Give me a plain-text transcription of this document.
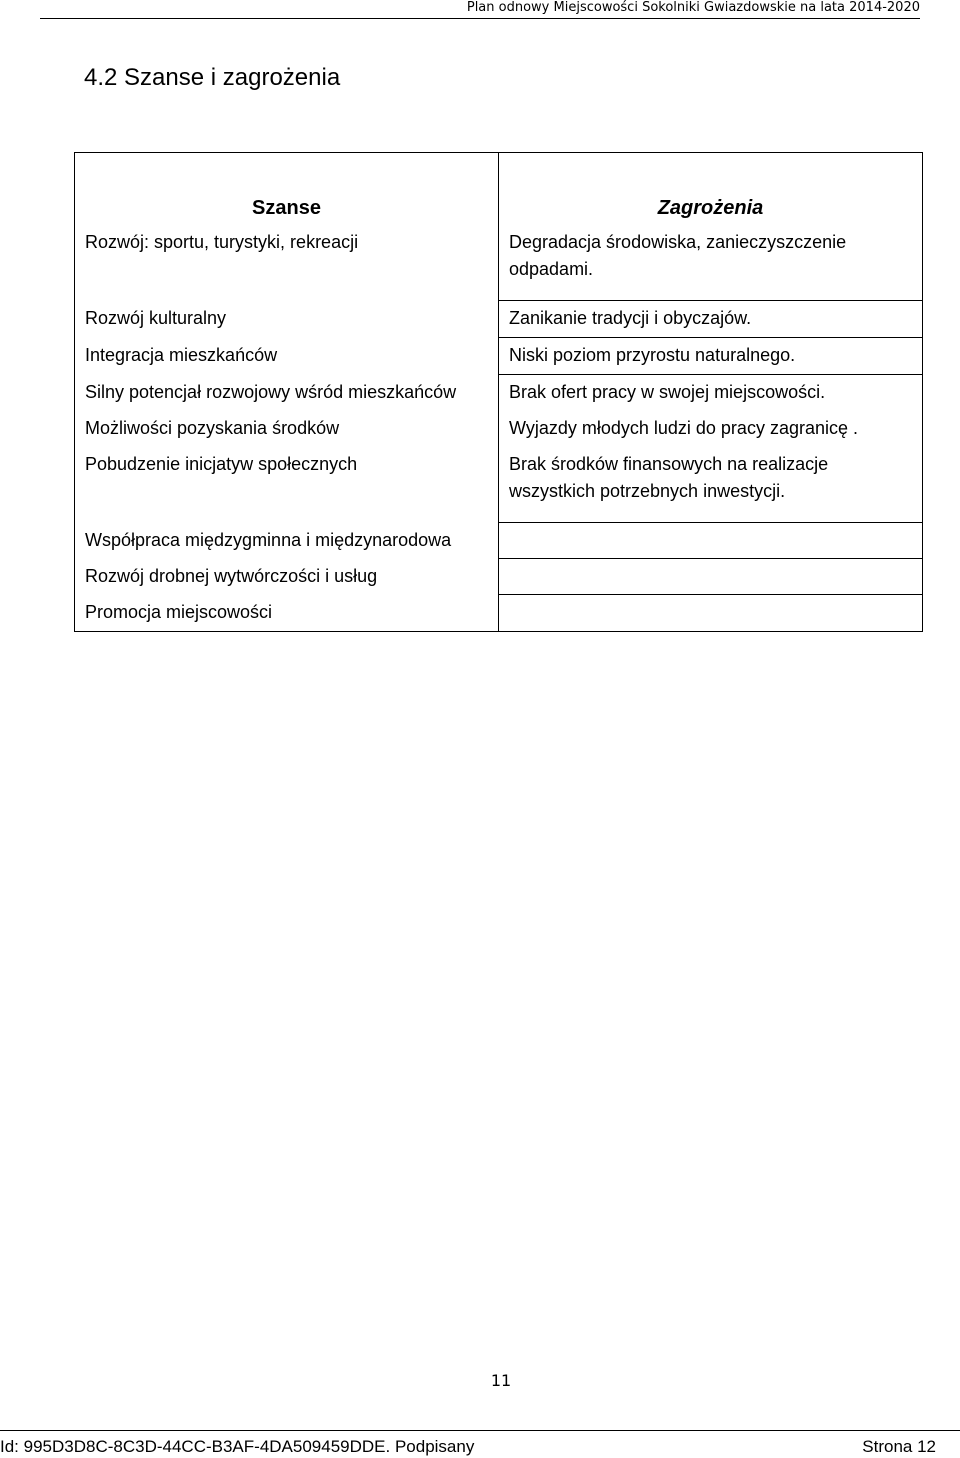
Plan odnowy Miejscowości Sokolniki Gwiazdowskie na lata 2014-2020
4.2 Szanse i zagrożenia
Szanse	Zagrożenia
Rozwój: sportu, turystyki, rekreacji	Degradacja środowiska, zanieczyszczenie odpadami.
Rozwój kulturalny	Zanikanie tradycji i obyczajów.
Integracja mieszkańców	Niski poziom przyrostu naturalnego.
Silny potencjał rozwojowy wśród mieszkańców	Brak ofert pracy w swojej miejscowości.
Możliwości pozyskania środków	Wyjazdy młodych ludzi do pracy zagranicę .
Pobudzenie inicjatyw społecznych	Brak środków finansowych na realizacje wszystkich potrzebnych inwestycji.
Współpraca międzygminna i międzynarodowa	
Rozwój drobnej wytwórczości i usług	
Promocja miejscowości	
11
Id: 995D3D8C-8C3D-44CC-B3AF-4DA509459DDE. Podpisany	Strona 12
